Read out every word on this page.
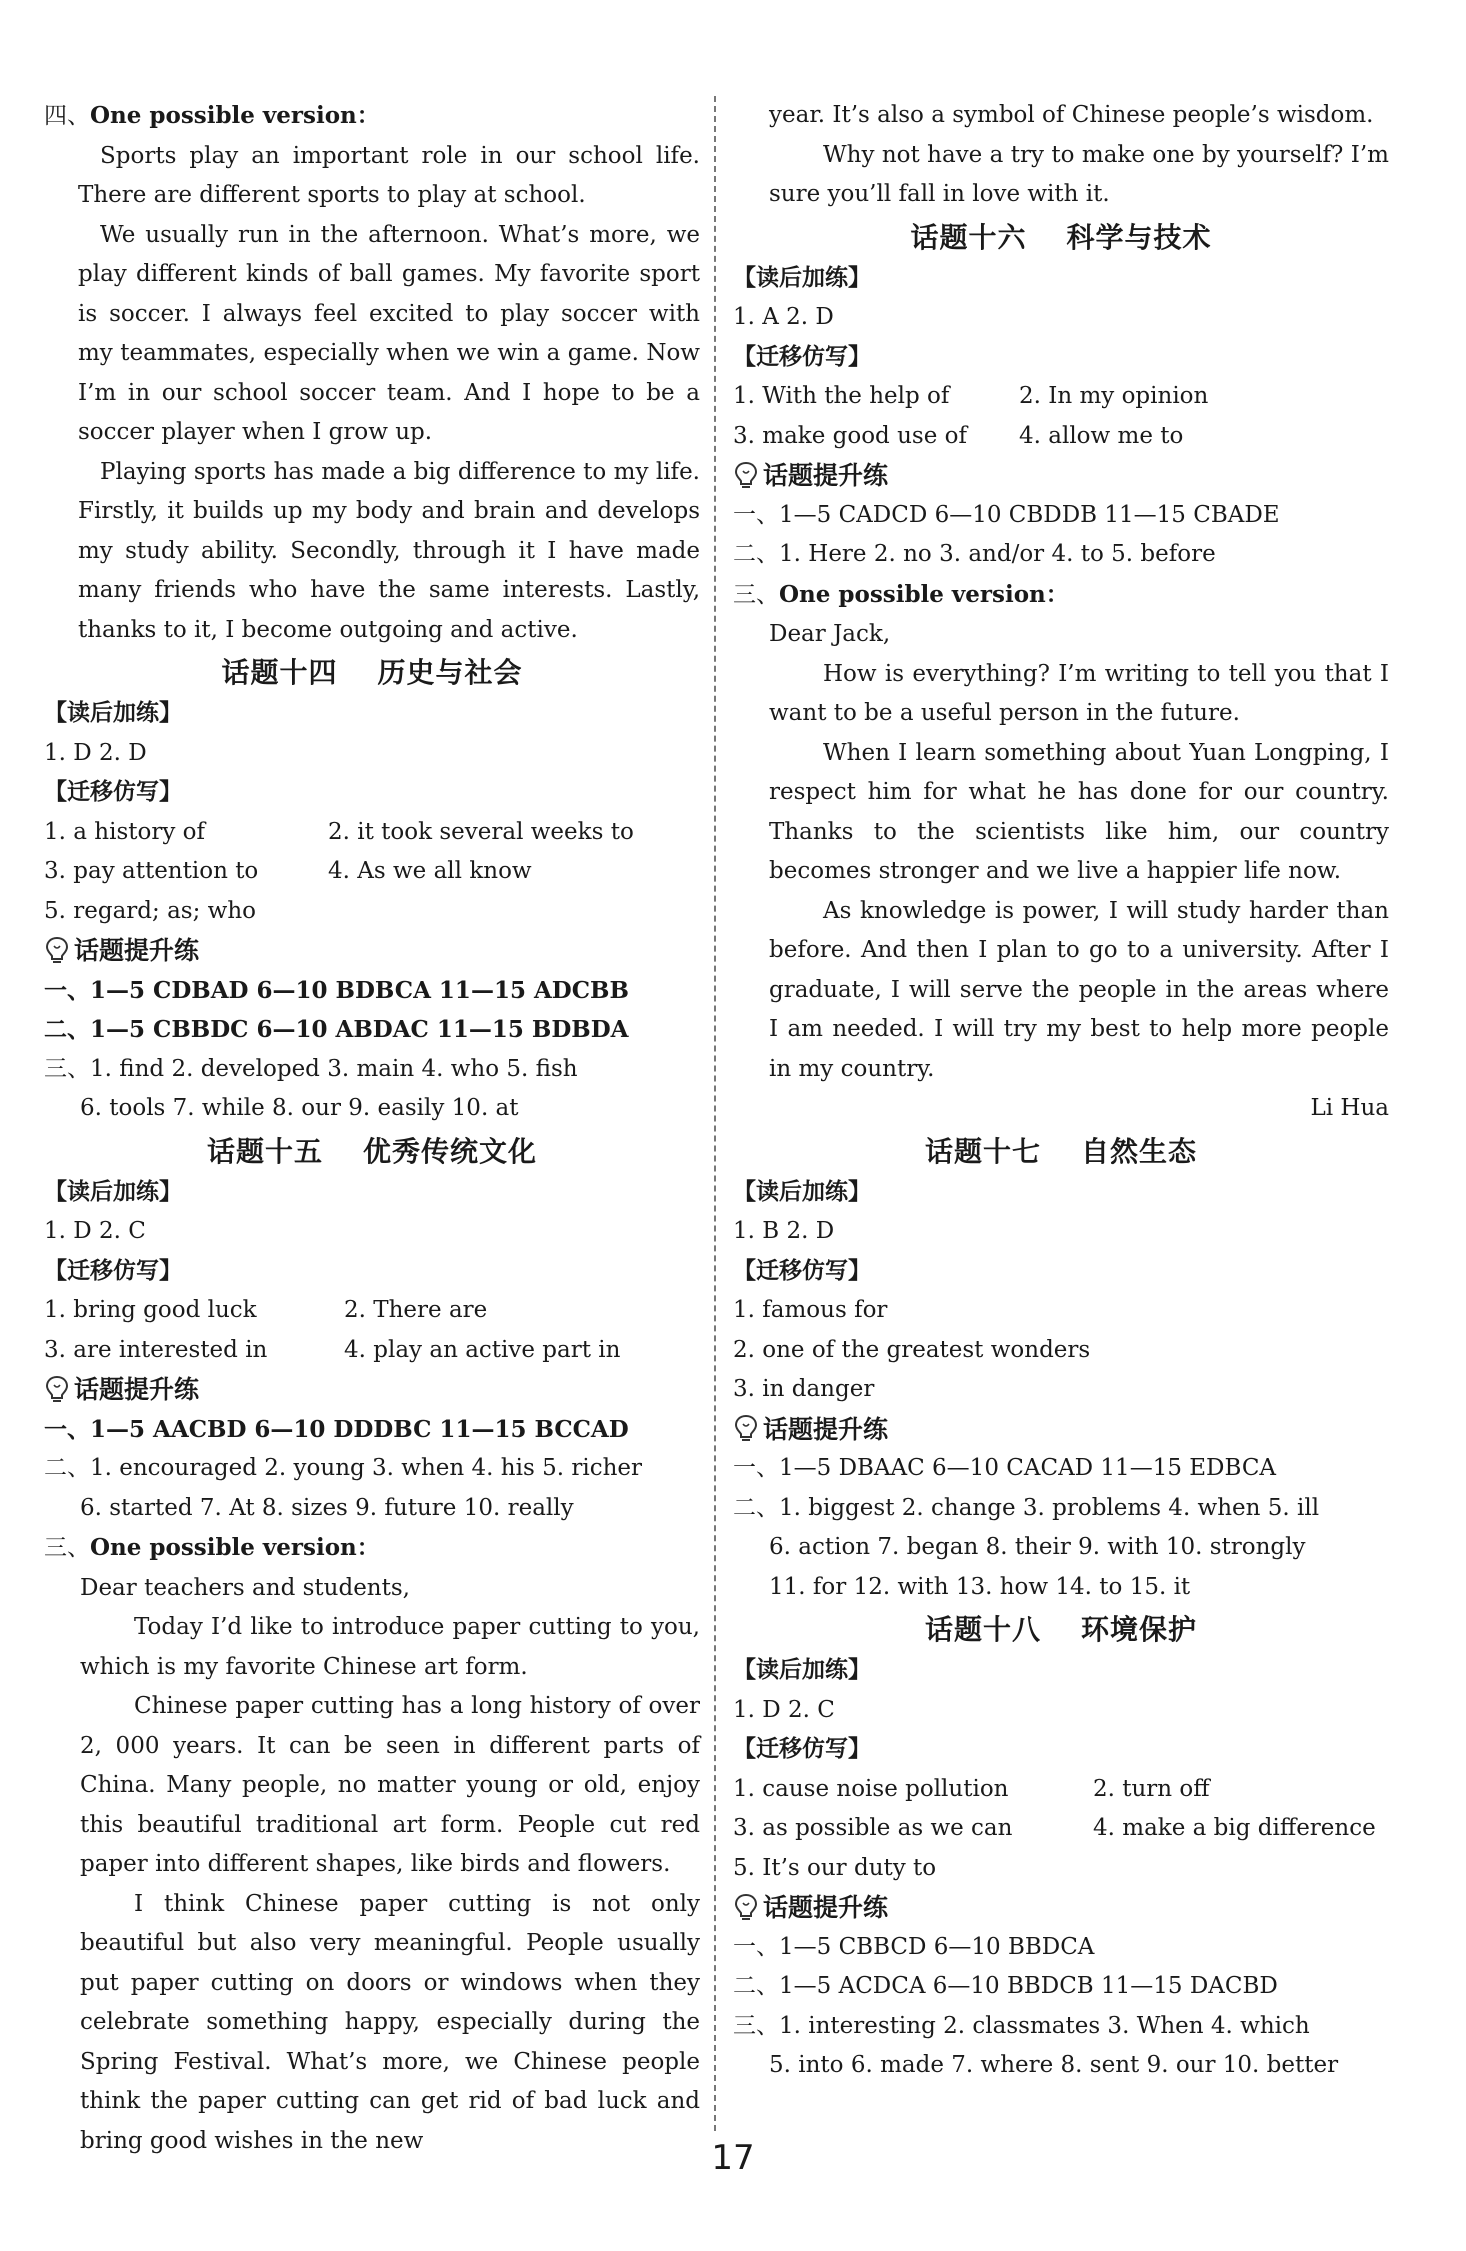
四、One possible version：

Sports play an important role in our school life. There are different sports to play at school.

We usually run in the afternoon. What’s more, we play different kinds of ball games. My favorite sport is soccer. I always feel excited to play soccer with my teammates, especially when we win a game. Now I’m in our school soccer team. And I hope to be a soccer player when I grow up.

Playing sports has made a big difference to my life. Firstly, it builds up my body and brain and develops my study ability. Secondly, through it I have made many friends who have the same interests. Lastly, thanks to it, I become outgoing and active.

话题十四 历史与社会

【读后加练】

1. D 2. D

【迁移仿写】

1. a history of	2. it took several weeks to
3. pay attention to	4. As we all know

5. regard; as; who

话题提升练

一、1—5 CDBAD 6—10 BDBCA 11—15 ADCBB

二、1—5 CBBDC 6—10 ABDAC 11—15 BDBDA

三、1. find 2. developed 3. main 4. who 5. fish

6. tools 7. while 8. our 9. easily 10. at

话题十五 优秀传统文化

【读后加练】

1. D 2. C

【迁移仿写】

1. bring good luck	2. There are
3. are interested in	4. play an active part in

话题提升练

一、1—5 AACBD 6—10 DDDBC 11—15 BCCAD

二、1. encouraged 2. young 3. when 4. his 5. richer

6. started 7. At 8. sizes 9. future 10. really

三、One possible version：

Dear teachers and students,

Today I’d like to introduce paper cutting to you, which is my favorite Chinese art form.

Chinese paper cutting has a long history of over 2, 000 years. It can be seen in different parts of China. Many people, no matter young or old, enjoy this beautiful traditional art form. People cut red paper into different shapes, like birds and flowers.

I think Chinese paper cutting is not only beautiful but also very meaningful. People usually put paper cutting on doors or windows when they celebrate something happy, especially during the Spring Festival. What’s more, we Chinese people think the paper cutting can get rid of bad luck and bring good wishes in the new

year. It’s also a symbol of Chinese people’s wisdom.

Why not have a try to make one by yourself? I’m sure you’ll fall in love with it.

话题十六 科学与技术

【读后加练】

1. A 2. D

【迁移仿写】

1. With the help of	2. In my opinion
3. make good use of	4. allow me to

话题提升练

一、1—5 CADCD 6—10 CBDDB 11—15 CBADE

二、1. Here 2. no 3. and/or 4. to 5. before

三、One possible version：

Dear Jack,

How is everything? I’m writing to tell you that I want to be a useful person in the future.

When I learn something about Yuan Longping, I respect him for what he has done for our country. Thanks to the scientists like him, our country becomes stronger and we live a happier life now.

As knowledge is power, I will study harder than before. And then I plan to go to a university. After I graduate, I will serve the people in the areas where I am needed. I will try my best to help more people in my country.

Li Hua

话题十七 自然生态

【读后加练】

1. B 2. D

【迁移仿写】

1. famous for

2. one of the greatest wonders

3. in danger

话题提升练

一、1—5 DBAAC 6—10 CACAD 11—15 EDBCA

二、1. biggest 2. change 3. problems 4. when 5. ill

6. action 7. began 8. their 9. with 10. strongly

11. for 12. with 13. how 14. to 15. it

话题十八 环境保护

【读后加练】

1. D 2. C

【迁移仿写】

1. cause noise pollution	2. turn off
3. as possible as we can	4. make a big difference

5. It’s our duty to

话题提升练

一、1—5 CBBCD 6—10 BBDCA

二、1—5 ACDCA 6—10 BBDCB 11—15 DACBD

三、1. interesting 2. classmates 3. When 4. which

5. into 6. made 7. where 8. sent 9. our 10. better

17
